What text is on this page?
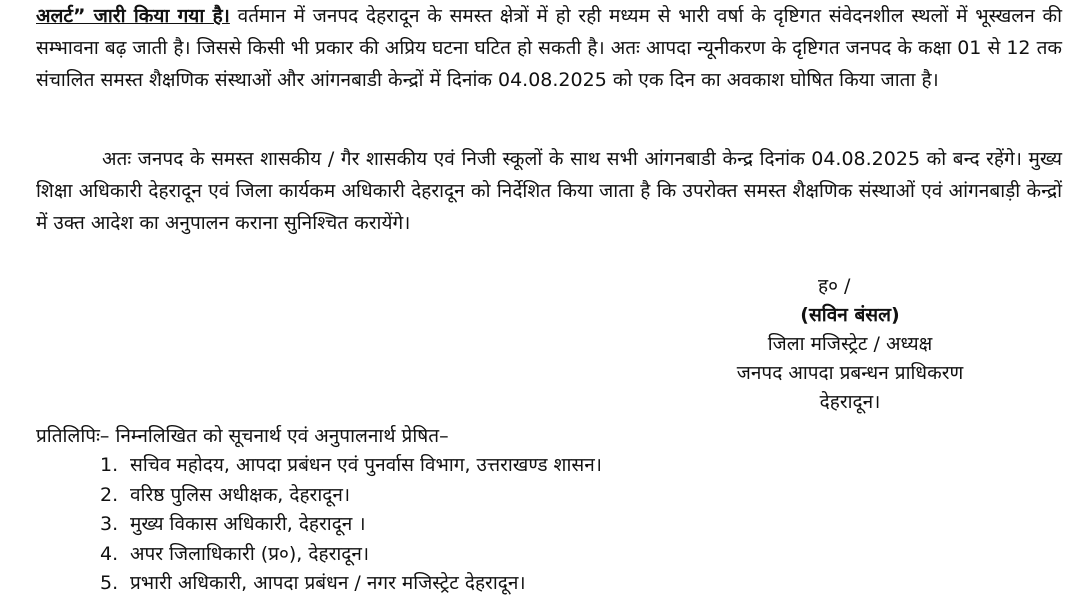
अलर्ट” जारी किया गया है। वर्तमान में जनपद देहरादून के समस्त क्षेत्रों में हो रही मध्यम से भारी वर्षा के दृष्टिगत संवेदनशील स्थलों में भूस्खलन की सम्भावना बढ़ जाती है। जिससे किसी भी प्रकार की अप्रिय घटना घटित हो सकती है। अतः आपदा न्यूनीकरण के दृष्टिगत जनपद के कक्षा 01 से 12 तक संचालित समस्त शैक्षणिक संस्थाओं और आंगनबाडी केन्द्रों में दिनांक 04.08.2025 को एक दिन का अवकाश घोषित किया जाता है।

अतः जनपद के समस्त शासकीय / गैर शासकीय एवं निजी स्कूलों के साथ सभी आंगनबाडी केन्द्र दिनांक 04.08.2025 को बन्द रहेंगे। मुख्य शिक्षा अधिकारी देहरादून एवं जिला कार्यकम अधिकारी देहरादून को निर्देशित किया जाता है कि उपरोक्त समस्त शैक्षणिक संस्थाओं एवं आंगनबाड़ी केन्द्रों में उक्त आदेश का अनुपालन कराना सुनिश्चित करायेंगे।

ह० /
(सविन बंसल)
जिला मजिस्ट्रेट / अध्यक्ष
जनपद आपदा प्रबन्धन प्राधिकरण
देहरादून।
प्रतिलिपिः– निम्नलिखित को सूचनार्थ एवं अनुपालनार्थ प्रेषित–
1. सचिव महोदय, आपदा प्रबंधन एवं पुनर्वास विभाग, उत्तराखण्ड शासन।
2. वरिष्ठ पुलिस अधीक्षक, देहरादून।
3. मुख्य विकास अधिकारी, देहरादून ।
4. अपर जिलाधिकारी (प्र०), देहरादून।
5. प्रभारी अधिकारी, आपदा प्रबंधन / नगर मजिस्ट्रेट देहरादून।
